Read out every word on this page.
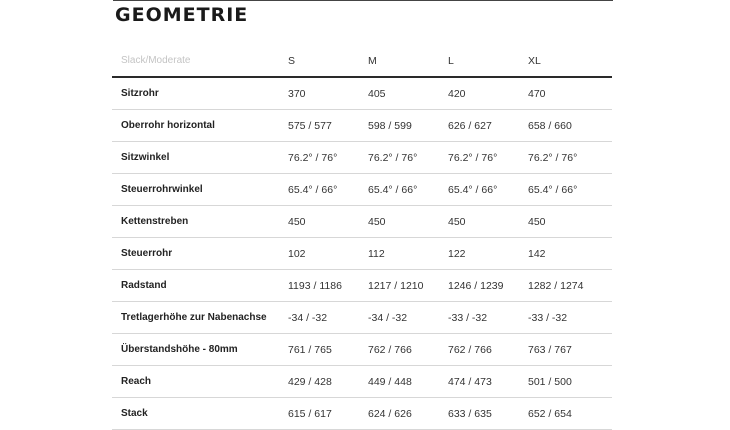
GEOMETRIE
Slack/Moderate	S	M	L	XL
Sitzrohr	370	405	420	470
Oberrohr horizontal	575 / 577	598 / 599	626 / 627	658 / 660
Sitzwinkel	76.2° / 76°	76.2° / 76°	76.2° / 76°	76.2° / 76°
Steuerrohrwinkel	65.4° / 66°	65.4° / 66°	65.4° / 66°	65.4° / 66°
Kettenstreben	450	450	450	450
Steuerrohr	102	112	122	142
Radstand	1193 / 1186	1217 / 1210	1246 / 1239	1282 / 1274
Tretlagerhöhe zur Nabenachse	-34 / -32	-34 / -32	-33 / -32	-33 / -32
Überstandshöhe - 80mm	761 / 765	762 / 766	762 / 766	763 / 767
Reach	429 / 428	449 / 448	474 / 473	501 / 500
Stack	615 / 617	624 / 626	633 / 635	652 / 654
